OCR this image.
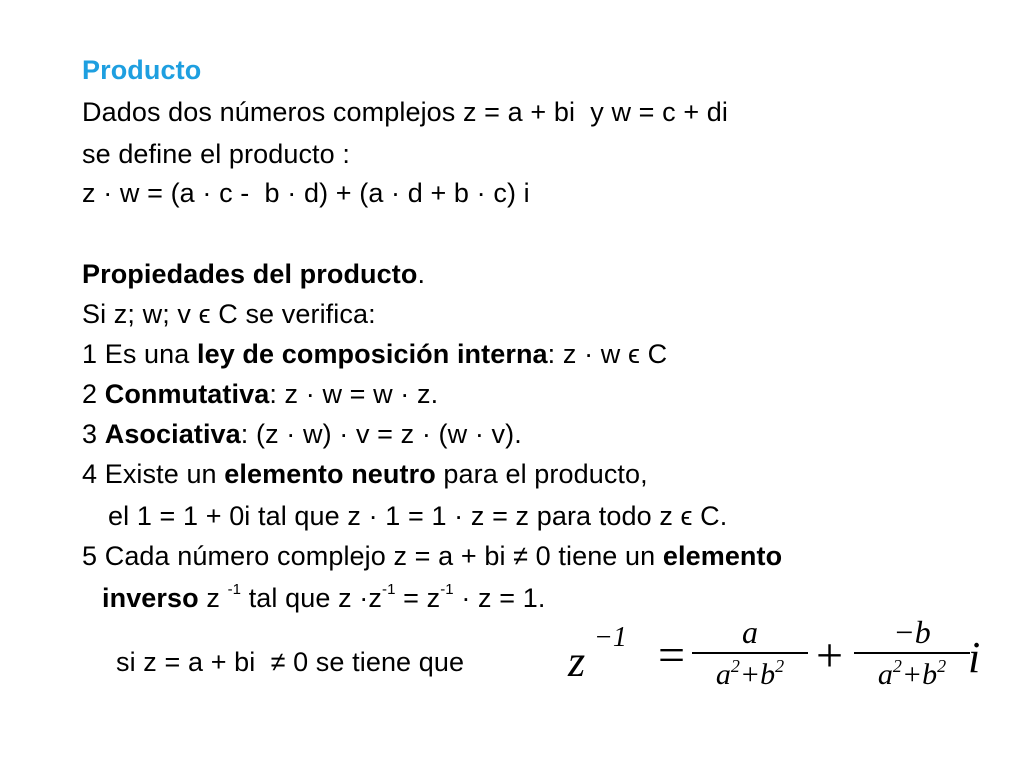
Producto
Dados dos números complejos z = a + bi  y w = c + di
se define el producto :
z · w = (a · c -  b · d) + (a · d + b · c) i
Propiedades del producto.
Si z; w; v ϵ C se verifica:
1 Es una ley de composición interna: z · w ϵ C
2 Conmutativa: z · w = w · z.
3 Asociativa: (z · w) · v = z · (w · v).
4 Existe un elemento neutro para el producto,
el 1 = 1 + 0i tal que z · 1 = 1 · z = z para todo z ϵ C.
5 Cada número complejo z = a + bi ≠ 0 tiene un elemento
inverso z $^{-1}$ tal que $z \cdot z^{-1} = z^{-1} \cdot z = 1$.
si z = a + bi  ≠ 0 se tiene que z −1 =	a
$a^2+b^2$ +	−b
$a^2+b^2$ i
